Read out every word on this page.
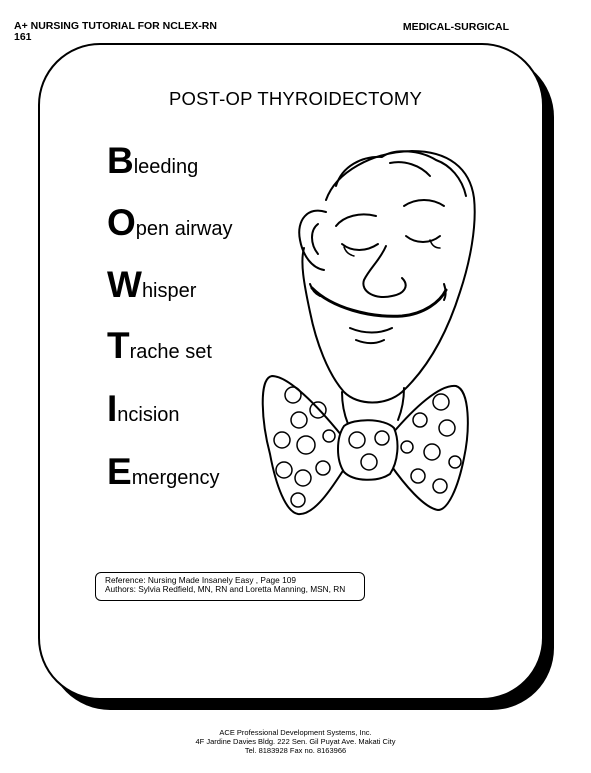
A+ NURSING TUTORIAL FOR NCLEX-RN
161
MEDICAL-SURGICAL
POST-OP THYROIDECTOMY
Bleeding
Open airway
Whisper
Trache set
Incision
Emergency
Reference: Nursing Made Insanely Easy , Page 109
Authors: Sylvia Redfield, MN, RN and Loretta Manning, MSN, RN
ACE Professional Development Systems, Inc.
4F Jardine Davies Bldg. 222 Sen. Gil Puyat Ave. Makati City
Tel. 8183928 Fax no. 8163966
